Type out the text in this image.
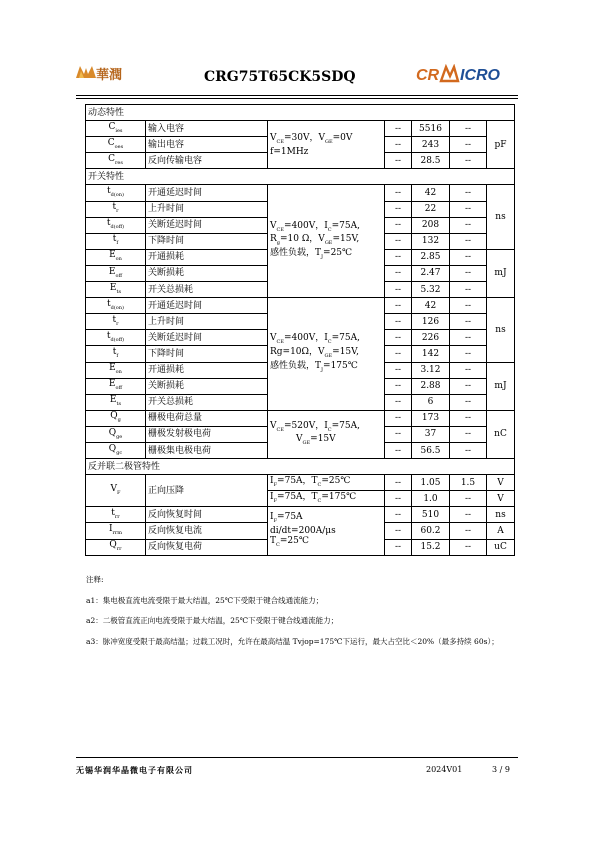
華潤	CRG75T65CK5SDQ	CR ICRO
动态特性						
$C_{ies}$	输入电容	$V_{CE}=30V$，$V_{GE}=0V$
f=1MHz	--	5516	--	pF
$C_{oes}$	输出电容		--	243	--	
$C_{res}$	反向传输电容		--	28.5	--	
开关特性						
$t_{d(on)}$	开通延迟时间	$V_{CE}=400V$，$I_C=75A$,
$R_g=10$ Ω，$V_{GE}=15V$,
感性负载，$T_J=25℃$	--	42	--	ns
$t_r$	上升时间		--	22	--	
$t_{d(off)}$	关断延迟时间		--	208	--	
$t_f$	下降时间		--	132	--	
$E_{on}$	开通损耗		--	2.85	--	mJ
$E_{off}$	关断损耗		--	2.47	--	
$E_{ts}$	开关总损耗		--	5.32	--	
$t_{d(on)}$	开通延迟时间	$V_{CE}=400V$，$I_C=75A$,
Rg=10Ω，$V_{GE}=15V$,
感性负载，$T_J=175℃$	--	42	--	ns
$t_r$	上升时间		--	126	--	
$t_{d(off)}$	关断延迟时间		--	226	--	
$t_f$	下降时间		--	142	--	
$E_{on}$	开通损耗		--	3.12	--	mJ
$E_{off}$	关断损耗		--	2.88	--	
$E_{ts}$	开关总损耗		--	6	--	
$Q_g$	栅极电荷总量	$V_{CE}=520V$，$I_C=75A$,
$V_{GE}=15V$	--	173	--	nC
$Q_{ge}$	栅极发射极电荷		--	37	--	
$Q_{gc}$	栅极集电极电荷		--	56.5	--	
反并联二极管特性						
$V_F$	正向压降	$I_F=75A$，$T_C=25℃$	--	1.05	1.5	V
		$I_F=75A$，$T_C=175℃$	--	1.0	--	V
$t_{rr}$	反向恢复时间	$I_F=75A$
di/dt=200A/μs
$T_C=25℃$	--	510	--	ns
$I_{rrm}$	反向恢复电流		--	60.2	--	A
$Q_{rr}$	反向恢复电荷		--	15.2	--	uC
注释:
a1：集电极直流电流受限于最大结温，25℃下受限于键合线通流能力；
a2：二极管直流正向电流受限于最大结温，25℃下受限于键合线通流能力；
a3：脉冲宽度受限于最高结温；过载工况时，允许在最高结温 Tvjop=175℃下运行，最大占空比＜20%（最多持续 60s）；
无锡华润华晶微电子有限公司	2024V01	3 / 9
